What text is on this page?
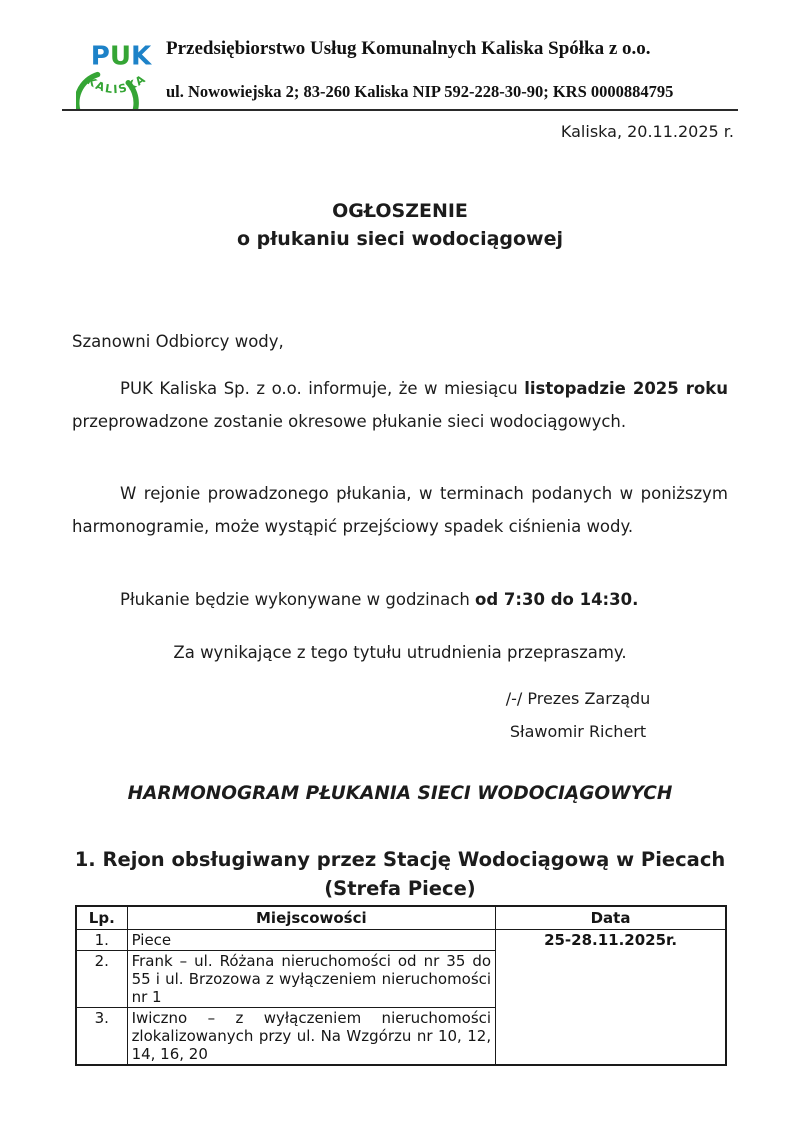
PUK
KALISKA
Przedsiębiorstwo Usług Komunalnych Kaliska Spółka z o.o.
ul. Nowowiejska 2; 83-260 Kaliska NIP 592-228-30-90; KRS 0000884795
Kaliska, 20.11.2025 r.
OGŁOSZENIE
o płukaniu sieci wodociągowej
Szanowni Odbiorcy wody,
PUK Kaliska Sp. z o.o. informuje, że w miesiącu listopadzie 2025 roku przeprowadzone zostanie okresowe płukanie sieci wodociągowych.
W rejonie prowadzonego płukania, w terminach podanych w poniższym harmonogramie, może wystąpić przejściowy spadek ciśnienia wody.
Płukanie będzie wykonywane w godzinach od 7:30 do 14:30.
Za wynikające z tego tytułu utrudnienia przepraszamy.
/-/ Prezes Zarządu
Sławomir Richert
HARMONOGRAM PŁUKANIA SIECI WODOCIĄGOWYCH
1. Rejon obsługiwany przez Stację Wodociągową w Piecach
(Strefa Piece)
Lp.	Miejscowości	Data
1.	Piece	25-28.11.2025r.
2.	Frank – ul. Różana nieruchomości od nr 35 do 55 i ul. Brzozowa z wyłączeniem nieruchomości nr 1	
3.	Iwiczno – z wyłączeniem nieruchomości zlokalizowanych przy ul. Na Wzgórzu nr 10, 12, 14, 16, 20	
